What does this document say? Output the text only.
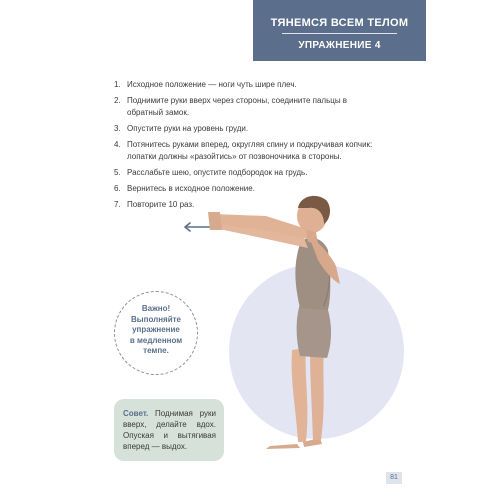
ТЯНЕМСЯ ВСЕМ ТЕЛОМ
УПРАЖНЕНИЕ 4
1. Исходное положение — ноги чуть шире плеч.
2. Поднимите руки вверх через стороны, соедините пальцы в обратный замок.
3. Опустите руки на уровень груди.
4. Потянитесь руками вперед, округляя спину и подкручивая копчик: лопатки должны «разойтись» от позвоночника в стороны.
5. Расслабьте шею, опустите подбородок на грудь.
6. Вернитесь в исходное положение.
7. Повторите 10 раз.
Важно!
Выполняйте
упражнение
в медленном
темпе.
Совет. Поднимая руки вверх, делайте вдох. Опуская и вытягивая вперед — выдох.
81
